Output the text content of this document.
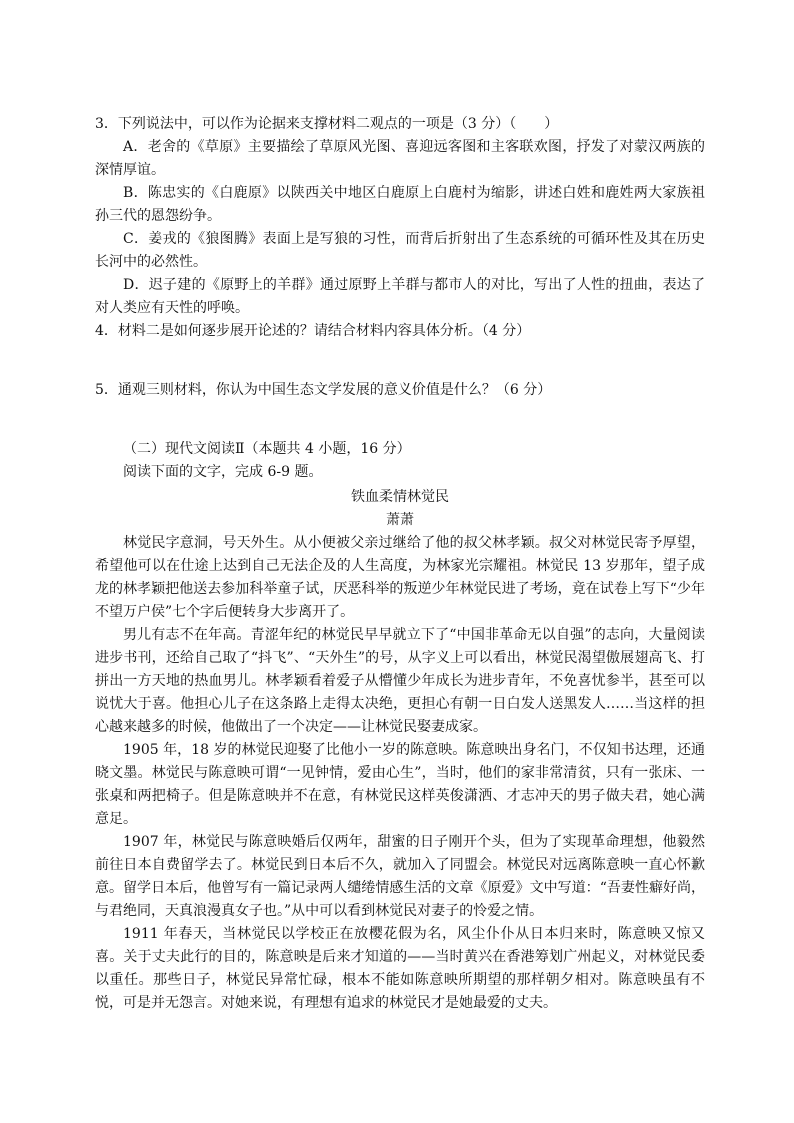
3．下列说法中，可以作为论据来支撑材料二观点的一项是（3 分）（　　）

A．老舍的《草原》主要描绘了草原风光图、喜迎远客图和主客联欢图，抒发了对蒙汉两族的深情厚谊。

B．陈忠实的《白鹿原》以陕西关中地区白鹿原上白鹿村为缩影，讲述白姓和鹿姓两大家族祖孙三代的恩怨纷争。

C．姜戎的《狼图腾》表面上是写狼的习性，而背后折射出了生态系统的可循环性及其在历史长河中的必然性。

D．迟子建的《原野上的羊群》通过原野上羊群与都市人的对比，写出了人性的扭曲，表达了对人类应有天性的呼唤。

4．材料二是如何逐步展开论述的？请结合材料内容具体分析。（4 分）

5．通观三则材料，你认为中国生态文学发展的意义价值是什么？（6 分）

（二）现代文阅读Ⅱ（本题共 4 小题，16 分）

阅读下面的文字，完成 6-9 题。

铁血柔情林觉民

萧萧

林觉民字意洞，号天外生。从小便被父亲过继给了他的叔父林孝颖。叔父对林觉民寄予厚望，希望他可以在仕途上达到自己无法企及的人生高度，为林家光宗耀祖。林觉民 13 岁那年，望子成龙的林孝颖把他送去参加科举童子试，厌恶科举的叛逆少年林觉民进了考场，竟在试卷上写下“少年不望万户侯”七个字后便转身大步离开了。

男儿有志不在年高。青涩年纪的林觉民早早就立下了“中国非革命无以自强”的志向，大量阅读进步书刊，还给自己取了“抖飞”、“天外生”的号，从字义上可以看出，林觉民渴望傲展翅高飞、打拼出一方天地的热血男儿。林孝颖看着爱子从懵懂少年成长为进步青年，不免喜忧参半，甚至可以说忧大于喜。他担心儿子在这条路上走得太决绝，更担心有朝一日白发人送黑发人……当这样的担心越来越多的时候，他做出了一个决定——让林觉民娶妻成家。

1905 年，18 岁的林觉民迎娶了比他小一岁的陈意映。陈意映出身名门，不仅知书达理，还通晓文墨。林觉民与陈意映可谓“一见钟情，爱由心生”，当时，他们的家非常清贫，只有一张床、一张桌和两把椅子。但是陈意映并不在意，有林觉民这样英俊潇洒、才志冲天的男子做夫君，她心满意足。

1907 年，林觉民与陈意映婚后仅两年，甜蜜的日子刚开个头，但为了实现革命理想，他毅然前往日本自费留学去了。林觉民到日本后不久，就加入了同盟会。林觉民对远离陈意映一直心怀歉意。留学日本后，他曾写有一篇记录两人缱绻情感生活的文章《原爱》文中写道：“吾妻性癖好尚，与君绝同，天真浪漫真女子也。”从中可以看到林觉民对妻子的怜爱之情。

1911 年春天，当林觉民以学校正在放樱花假为名，风尘仆仆从日本归来时，陈意映又惊又喜。关于丈夫此行的目的，陈意映是后来才知道的——当时黄兴在香港筹划广州起义，对林觉民委以重任。那些日子，林觉民异常忙碌，根本不能如陈意映所期望的那样朝夕相对。陈意映虽有不悦，可是并无怨言。对她来说，有理想有追求的林觉民才是她最爱的丈夫。
